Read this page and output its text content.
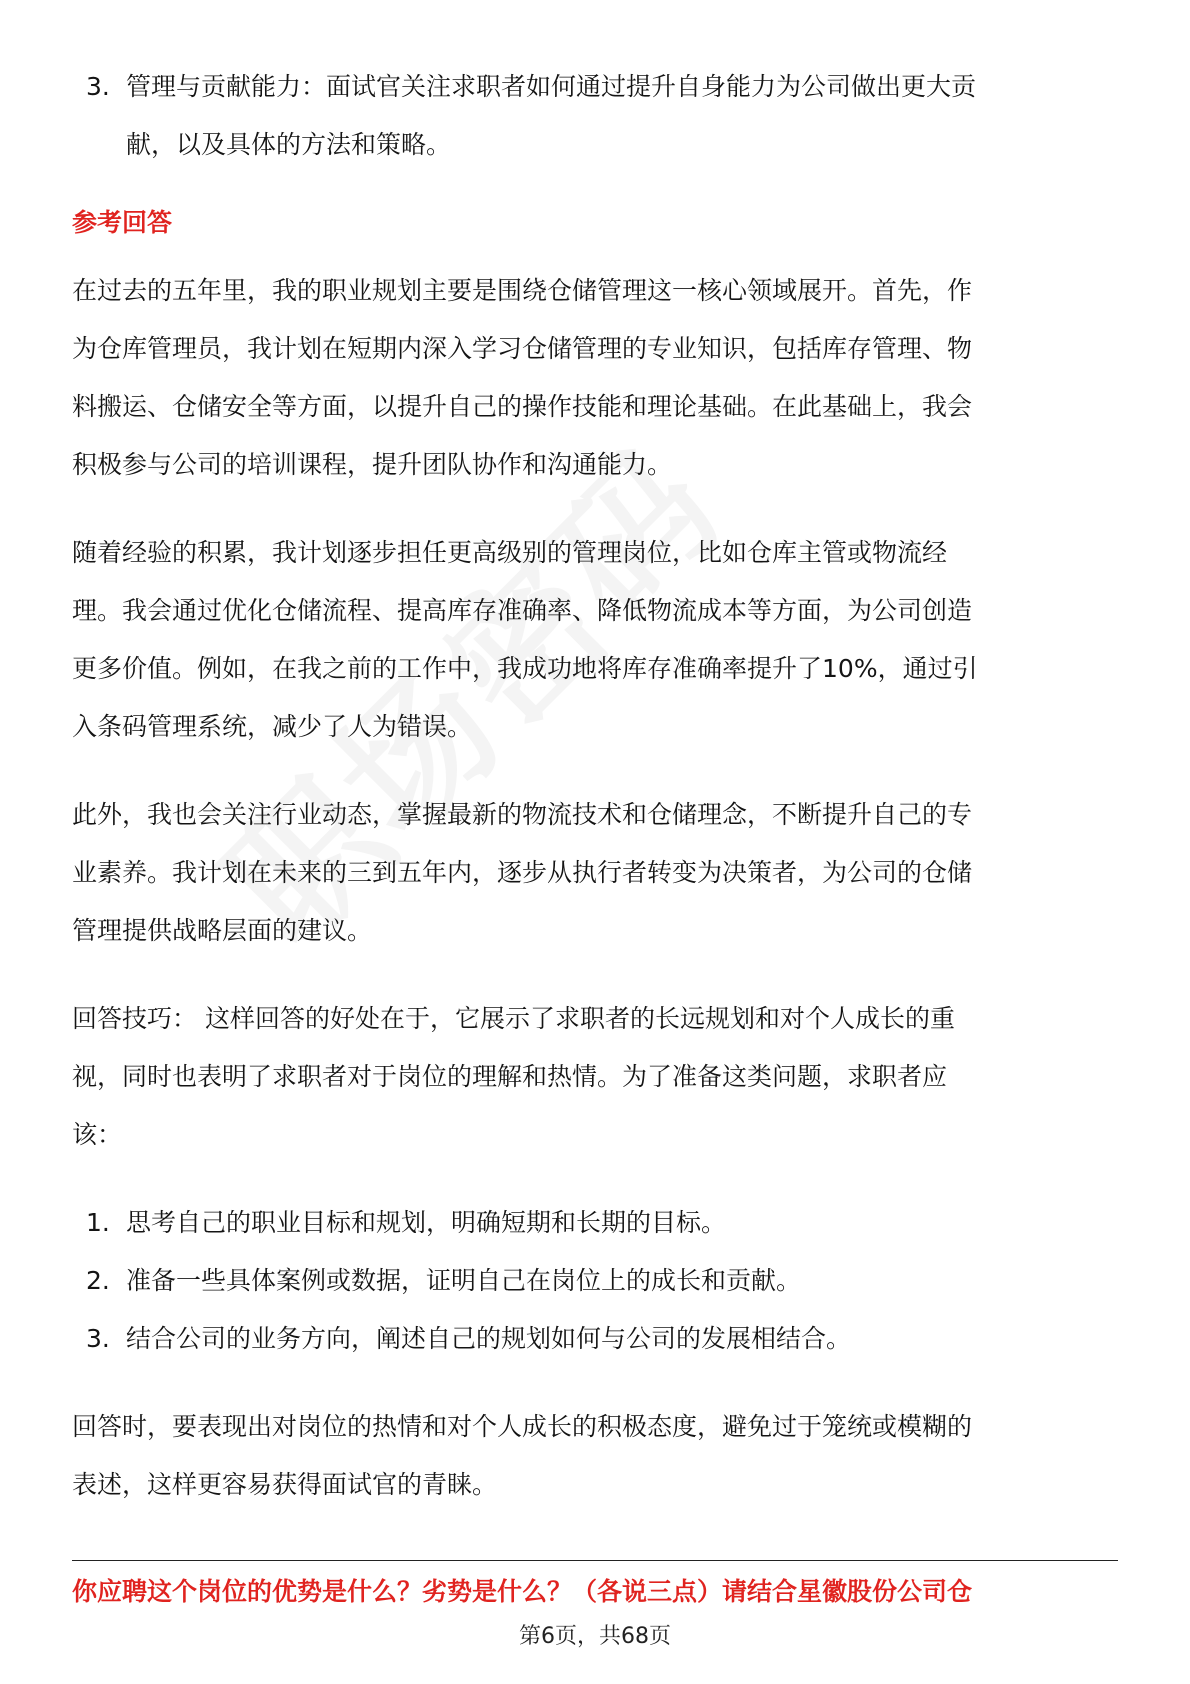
3. 管理与贡献能力：面试官关注求职者如何通过提升自身能力为公司做出更大贡
献，以及具体的方法和策略。
参考回答

在过去的五年里，我的职业规划主要是围绕仓储管理这一核心领域展开。首先，作

为仓库管理员，我计划在短期内深入学习仓储管理的专业知识，包括库存管理、物

料搬运、仓储安全等方面，以提升自己的操作技能和理论基础。在此基础上，我会

积极参与公司的培训课程，提升团队协作和沟通能力。

随着经验的积累，我计划逐步担任更高级别的管理岗位，比如仓库主管或物流经

理。我会通过优化仓储流程、提高库存准确率、降低物流成本等方面，为公司创造

更多价值。例如，在我之前的工作中，我成功地将库存准确率提升了10%，通过引

入条码管理系统，减少了人为错误。

此外，我也会关注行业动态，掌握最新的物流技术和仓储理念，不断提升自己的专

业素养。我计划在未来的三到五年内，逐步从执行者转变为决策者，为公司的仓储

管理提供战略层面的建议。

回答技巧： 这样回答的好处在于，它展示了求职者的长远规划和对个人成长的重

视，同时也表明了求职者对于岗位的理解和热情。为了准备这类问题，求职者应

该：

1. 思考自己的职业目标和规划，明确短期和长期的目标。
2. 准备一些具体案例或数据，证明自己在岗位上的成长和贡献。
3. 结合公司的业务方向，阐述自己的规划如何与公司的发展相结合。

回答时，要表现出对岗位的热情和对个人成长的积极态度，避免过于笼统或模糊的

表述，这样更容易获得面试官的青睐。

你应聘这个岗位的优势是什么？劣势是什么？（各说三点）请结合星徽股份公司仓
第6页，共68页
